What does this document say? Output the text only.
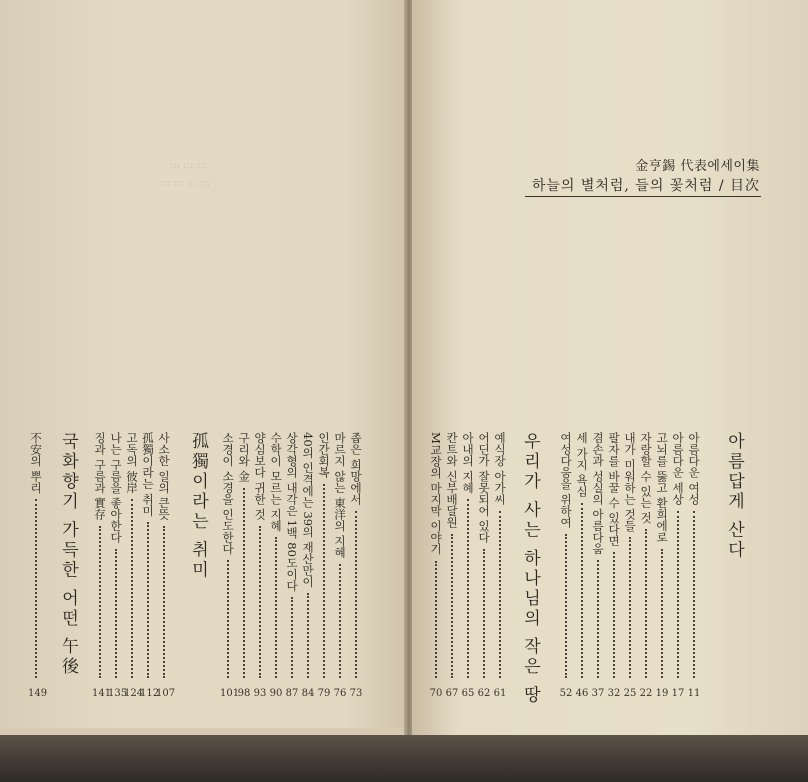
::: ::: :::
::: ::: ::: :::
金亨錫 代表에세이集
하늘의 별처럼, 들의 꽃처럼 / 目次
아름답게 산다
아름다운 여성
11
아름다운 세상
17
고뇌를 뚫고 환희에로
19
자랑할 수 있는 것
22
내가 미워하는 것들
25
팔자를 바꿀 수 있다면
32
겸손과 성실의 아름다움
37
세 가지 욕심
46
여성다움을 위하여
52
우리가 사는 하나님의 작은 땅
예식장 아가씨
61
어딘가 잘못되어 있다
62
아내의 지혜
65
칸트와 신부배달원
67
M교장의 마지막 이야기
70
좁은 희망에서
73
마르지 않는 東洋의 지혜
76
인간회복
79
40의 인격에는 39의 재산만이
84
상각형의 내각은 1백 80도이다
87
수학이 모르는 지혜
90
양심보다 귀한 것
93
구리와 金
98
소경이 소경을 인도한다
101
孤獨이라는 취미
사소한 일의 큰뜻
107
孤獨이라는 취미
112
고독의 彼岸
124
나는 구름을 좋아한다
135
징과 구름과 實存
141
국화향기 가득한 어떤 午後
不安의 뿌리
149
